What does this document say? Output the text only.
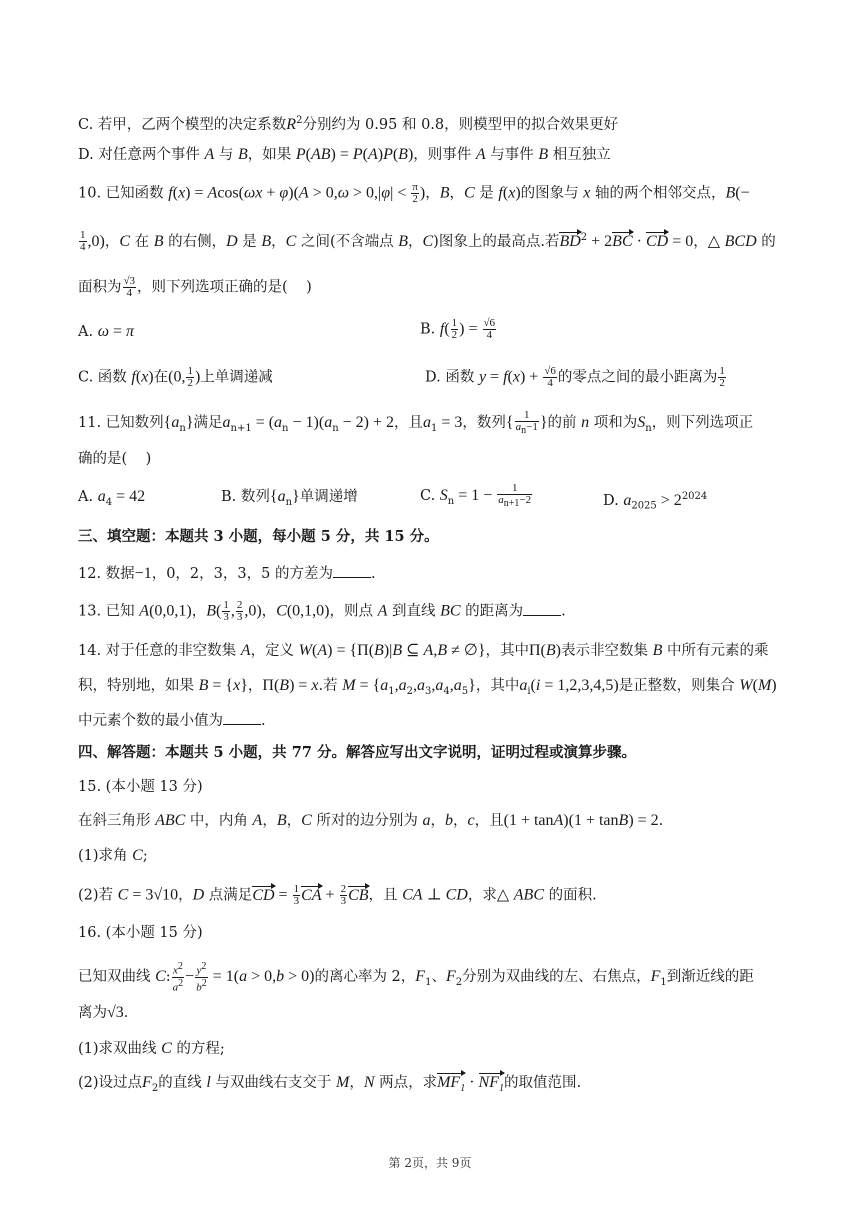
C. 若甲，乙两个模型的决定系数$R^2$分别约为 0.95 和 0.8，则模型甲的拟合效果更好
D. 对任意两个事件 A 与 B，如果 P(AB) = P(A)P(B)，则事件 A 与事件 B 相互独立
10. 已知函数 $f(x) = Acos(\omega x + \varphi)(A > 0,\omega > 0,|\varphi| < \frac{\pi}{2}$ )，B，C 是 f(x)的图象与 x 轴的两个相邻交点，B(−
$\frac{1}{4} ,0$)，C 在 B 的右侧，D 是 B，C 之间(不含端点 B，C)图象上的最高点.若$BD^2 + 2BC$ · CD = 0，△ BCD 的
面积为 $\frac{√3}{4}$ ，则下列选项正确的是(    )
A. ω = π	B. $f( \frac{1}{2}$ ) = $\frac{√6}{4}$
C. 函数 f(x)在(0, $\frac{1}{2}$ )上单调递减	D. 函数 $y = f(x) + \frac{√6}{4}$ 的零点之间的最小距离为 $\frac{1}{2}$
11. 已知数列$\{a_n\}$满足$a_{n+1} = (a_n - 1)(a_n - 2) + 2$，且$a_1 = 3$，数列{ $\frac{1}{a_n-1}$ }的前 n 项和为$S_n$，则下列选项正
确的是(    )
A. $a_4 = 42$	B. 数列$\{a_n\}$单调递增	C. $S_n = 1 - \frac{1}{a_{n+1}-2}$	D. $a_{2025} > 2^{2024}$
三、填空题：本题共 3 小题，每小题 5 分，共 15 分。
12. 数据−1，0，2，3，3，5 的方差为	.
13. 已知 A(0,0,1)，$B( \frac{1}{3}$ , $\frac{2}{3} ,0$)，C(0,1,0)，则点 A 到直线 BC 的距离为	.
14. 对于任意的非空数集 A，定义 W(A) = {Π(B)|B ⊆ A,B ≠ ∅}，其中Π(B)表示非空数集 B 中所有元素的乘
积，特别地，如果 B = {x}，Π(B) = x.若 $M = \{a_1,a_2,a_3,a_4,a_5\}$，其中$a_i(i = 1,2,3,4,5)$是正整数，则集合 W(M)
中元素个数的最小值为	.
四、解答题：本题共 5 小题，共 77 分。解答应写出文字说明，证明过程或演算步骤。
15. (本小题 13 分)
在斜三角形 ABC 中，内角 A，B，C 所对的边分别为 a，b，c，且(1 + tanA)(1 + tanB) = 2.
(1)求角 C;
(2)若 C = 3√10，D 点满足CD = $\frac{1}{3}$ CA + $\frac{2}{3}$ CB，且 CA ⊥ CD，求△ ABC 的面积.
16. (本小题 15 分)
已知双曲线 C: $\frac{x^2}{a^2} - \frac{y^2}{b^2} = 1(a > 0,b > 0)$的离心率为 2，$F_1$、$F_2$分别为双曲线的左、右焦点，$F_1$到渐近线的距
离为√3.
(1)求双曲线 C 的方程;
(2)设过点$F_2$的直线 l 与双曲线右支交于 M，N 两点，求$MF_1 \cdot NF_1$的取值范围.
第 2页，共 9页
